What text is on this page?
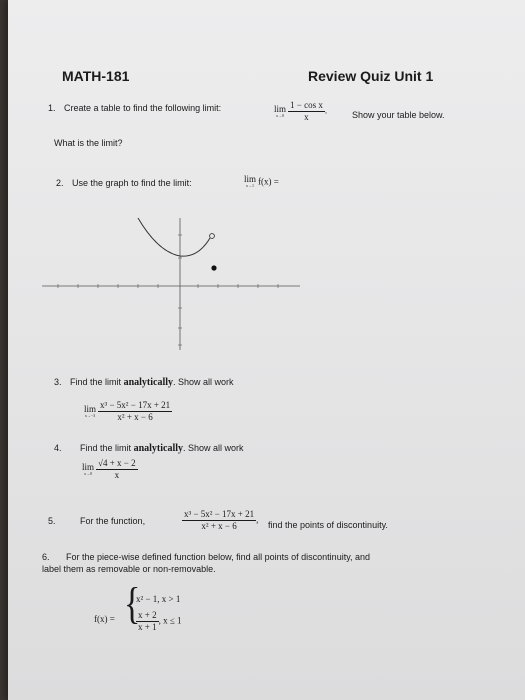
MATH-181	Review Quiz Unit 1
1. Create a table to find the following limit:	lim
$x\to 0 \frac{\text{1 − cos x}}{x}$ .	Show your table below.
What is the limit?
2. Use the graph to find the limit:	lim
x→1 f(x) =
3. Find the limit analytically. Show all work
lim
$x\to-3 \frac{\text{x³ − 5x² − 17x + 21}}{\text{x² + x − 6}}$
4. Find the limit analytically. Show all work
lim
$x\to 0 \frac{√4 + x - 2}{x}$
5.	For the function,	$\frac{\text{x³ − 5x² − 17x + 21}}{\text{x² + x − 6}}$ ,
find the points of discontinuity.
6. For the piece-wise defined function below, find all points of discontinuity, and
label them as removable or non-removable.
f(x) = {
x² − 1, x > 1
$\frac{x + 2}{x + 1}$ , x ≤ 1
